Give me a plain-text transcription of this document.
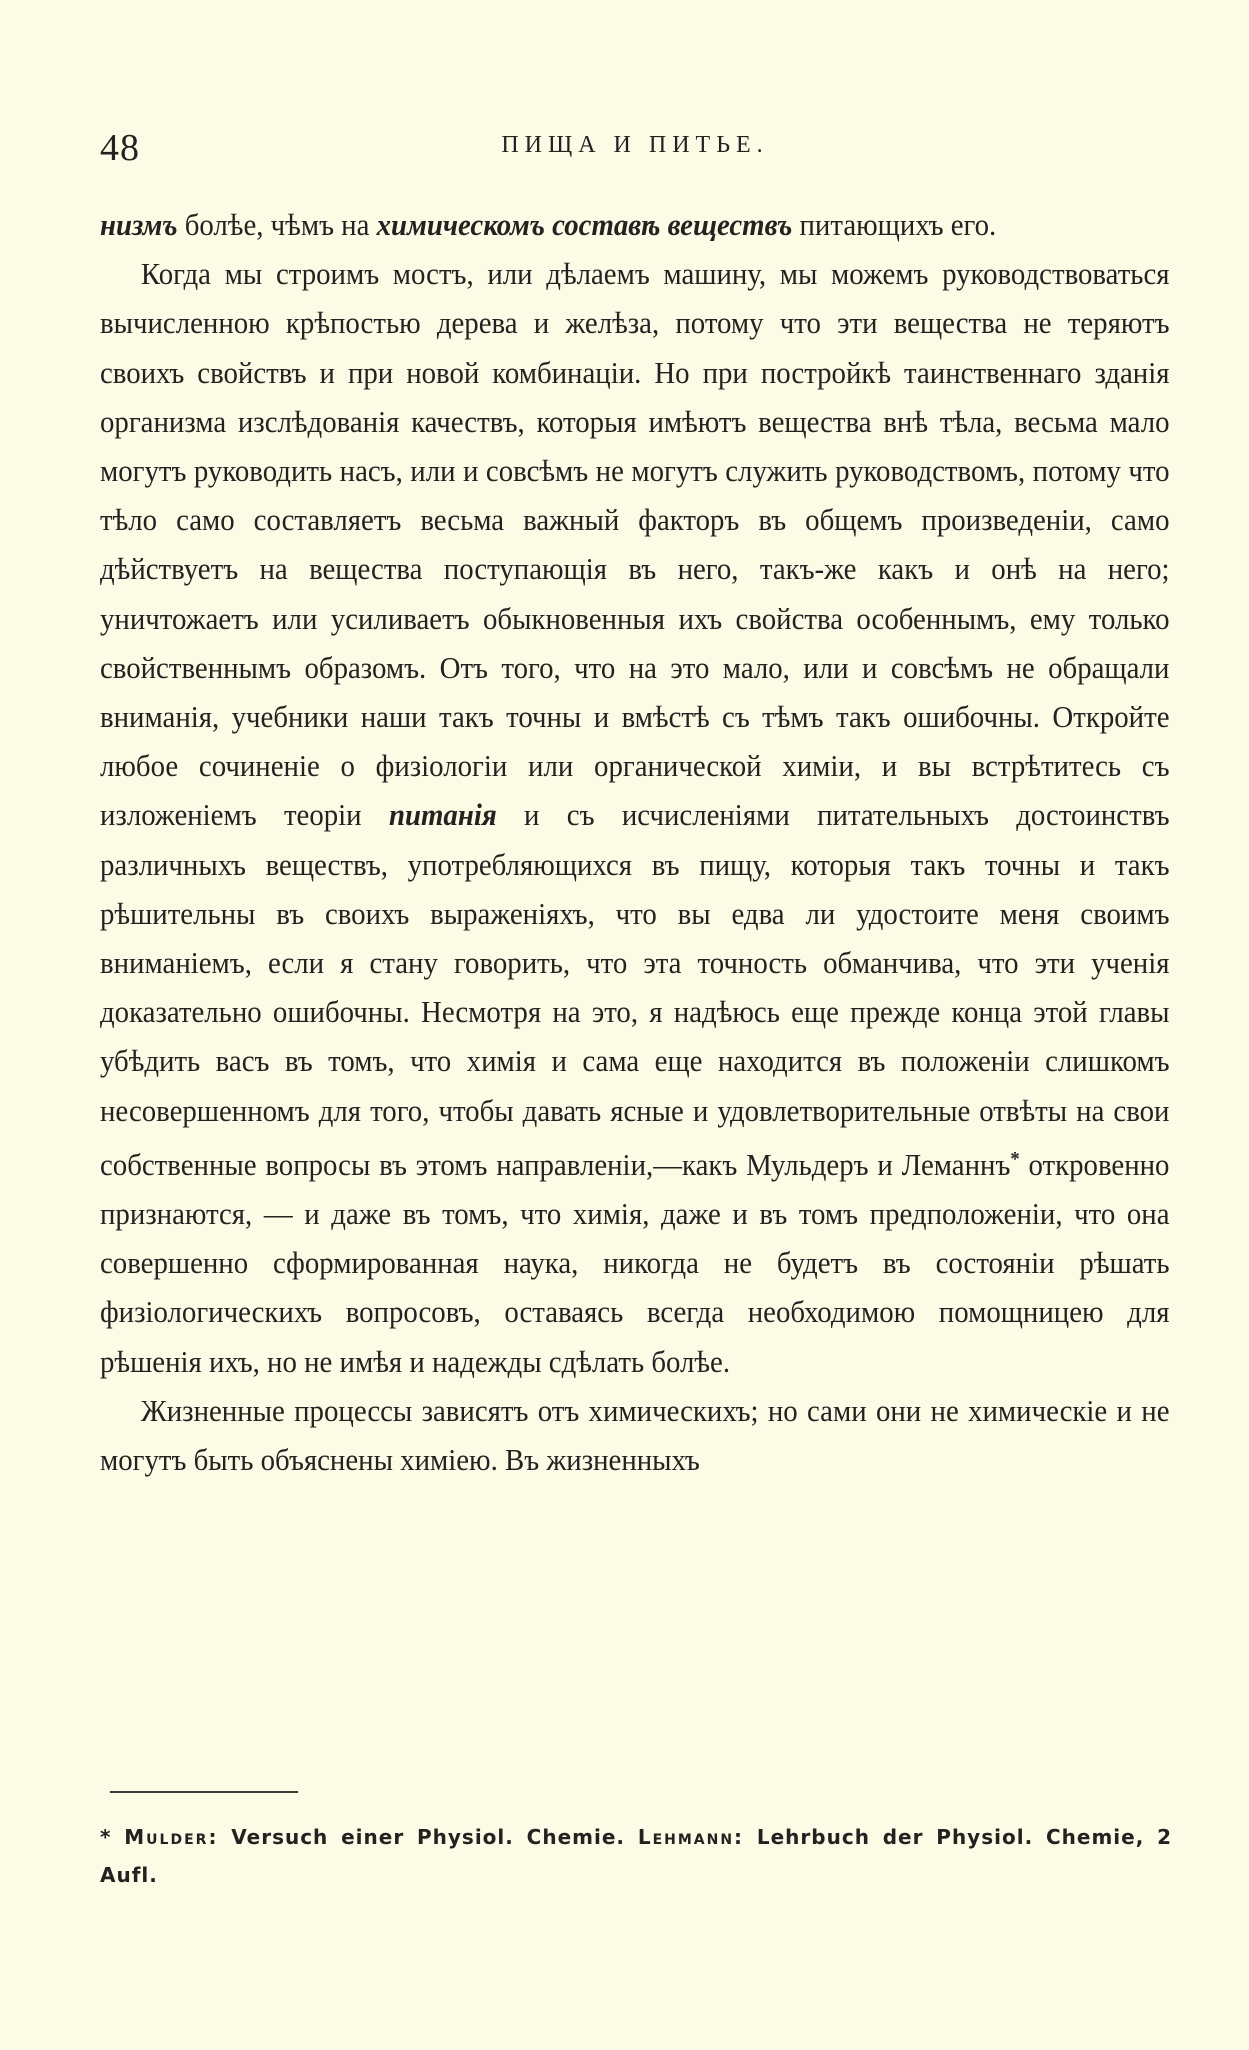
48	ПИЩА И ПИТЬЕ.

низмъ болѣе, чѣмъ на химическомъ составѣ веществъ питающихъ его.

Когда мы строимъ мостъ, или дѣлаемъ машину, мы можемъ руководствоваться вычисленною крѣпостью дерева и желѣза, потому что эти вещества не теряютъ своихъ свойствъ и при новой комбинаціи. Но при постройкѣ таинственнаго зданія организма изслѣдованія качествъ, которыя имѣютъ вещества внѣ тѣла, весьма мало могутъ руководить насъ, или и совсѣмъ не могутъ служить руководствомъ, потому что тѣло само составляетъ весьма важный факторъ въ общемъ произведеніи, само дѣйствуетъ на вещества поступающія въ него, такъ-же какъ и онѣ на него; уничтожаетъ или усиливаетъ обыкновенныя ихъ свойства особеннымъ, ему только свойственнымъ образомъ. Отъ того, что на это мало, или и совсѣмъ не обращали вниманія, учебники наши такъ точны и вмѣстѣ съ тѣмъ такъ ошибочны. Откройте любое сочиненіе о физіологіи или органической химіи, и вы встрѣтитесь съ изложеніемъ теоріи питанія и съ исчисленіями питательныхъ достоинствъ различныхъ веществъ, употребляющихся въ пищу, которыя такъ точны и такъ рѣшительны въ своихъ выраженіяхъ, что вы едва ли удостоите меня своимъ вниманіемъ, если я стану говорить, что эта точность обманчива, что эти ученія доказательно ошибочны. Несмотря на это, я надѣюсь еще прежде конца этой главы убѣдить васъ въ томъ, что химія и сама еще находится въ положеніи слишкомъ несовершенномъ для того, чтобы давать ясные и удовлетворительные отвѣты на свои собственные вопросы въ этомъ направленіи,—какъ Мульдеръ и Леманнъ* откровенно признаются, — и даже въ томъ, что химія, даже и въ томъ предположеніи, что она совершенно сформированная наука, никогда не будетъ въ состояніи рѣшать физіологическихъ вопросовъ, оставаясь всегда необходимою помощницею для рѣшенія ихъ, но не имѣя и надежды сдѣлать болѣе.

Жизненные процессы зависятъ отъ химическихъ; но сами они не химическіе и не могутъ быть объяснены химіею. Въ жизненныхъ

* Mulder: Versuch einer Physiol. Chemie. Lehmann: Lehrbuch der Physiol. Chemie, 2 Aufl.
